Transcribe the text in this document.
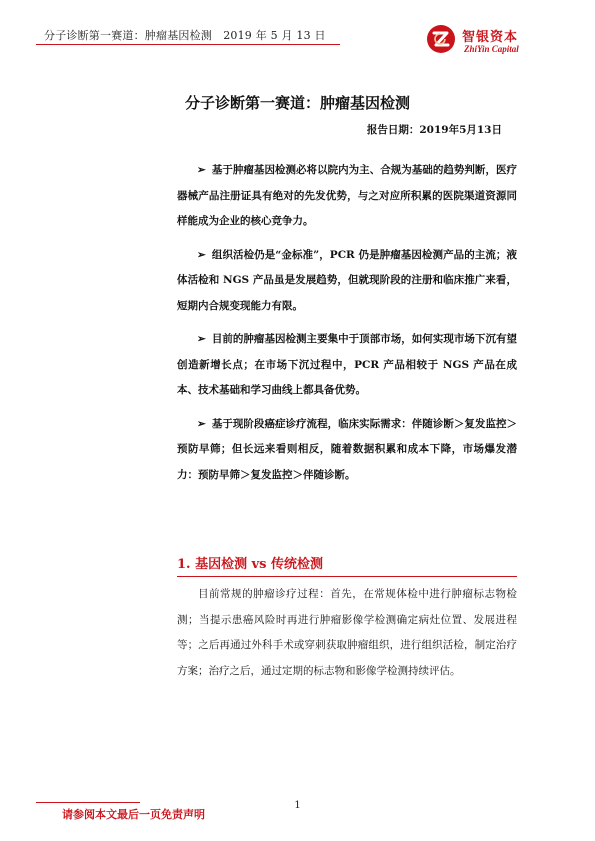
分子诊断第一赛道：肿瘤基因检测　2019 年 5 月 13 日	智银资本
ZhiYin Capital
分子诊断第一赛道：肿瘤基因检测
报告日期：2019年5月13日

➢ 基于肿瘤基因检测必将以院内为主、合规为基础的趋势判断，医疗器械产品注册证具有绝对的先发优势，与之对应所积累的医院渠道资源同样能成为企业的核心竞争力。

➢ 组织活检仍是“金标准”，PCR 仍是肿瘤基因检测产品的主流；液体活检和 NGS 产品虽是发展趋势，但就现阶段的注册和临床推广来看，短期内合规变现能力有限。

➢ 目前的肿瘤基因检测主要集中于顶部市场，如何实现市场下沉有望创造新增长点；在市场下沉过程中，PCR 产品相较于 NGS 产品在成本、技术基础和学习曲线上都具备优势。

➢ 基于现阶段癌症诊疗流程，临床实际需求：伴随诊断＞复发监控＞预防早筛；但长远来看则相反，随着数据积累和成本下降，市场爆发潜力：预防早筛＞复发监控＞伴随诊断。

1. 基因检测 vs 传统检测

目前常规的肿瘤诊疗过程：首先，在常规体检中进行肿瘤标志物检测；当提示患癌风险时再进行肿瘤影像学检测确定病灶位置、发展进程等；之后再通过外科手术或穿刺获取肿瘤组织，进行组织活检，制定治疗方案；治疗之后，通过定期的标志物和影像学检测持续评估。

1
请参阅本文最后一页免责声明
